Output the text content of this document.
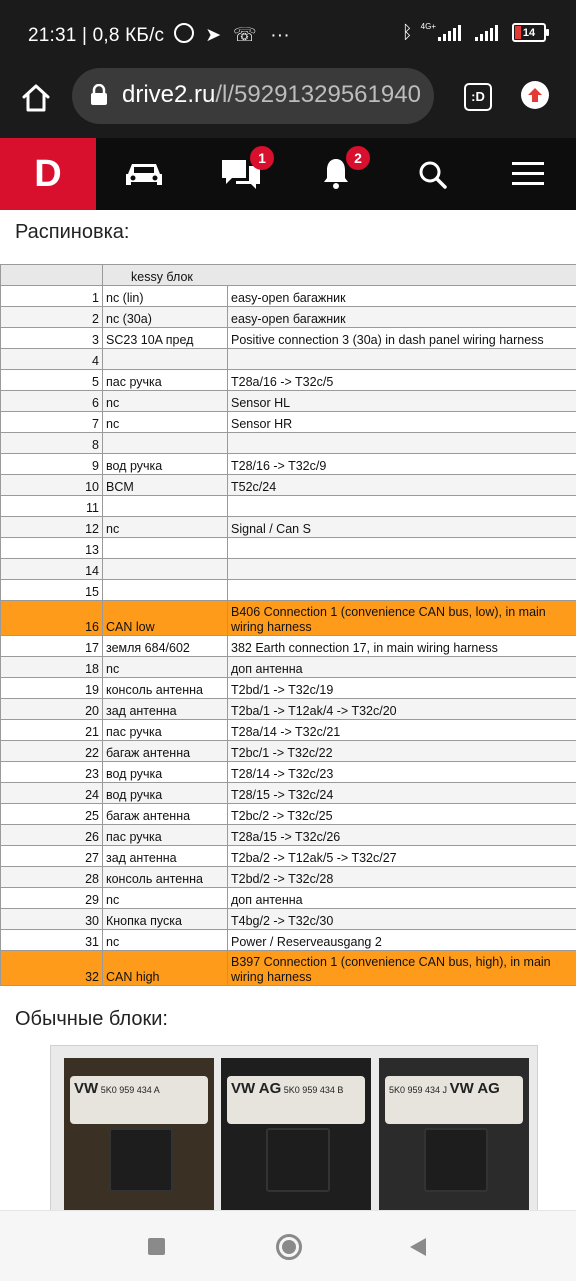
21:31 | 0,8 КБ/с ➤ ☏ ···	ᛒ 4G+	14
drive2.ru/l/59291329561940	:D
D	1	2
Распиновка:
	kessy блок	
1	nc (lin)	easy-open багажник
2	nc (30a)	easy-open багажник
3	SC23 10A пред	Positive connection 3 (30a) in dash panel wiring harness
4		
5	пас ручка	T28a/16 -> T32c/5
6	nc	Sensor HL
7	nc	Sensor HR
8		
9	вод ручка	T28/16 -> T32c/9
10	BCM	T52c/24
11		
12	nc	Signal / Can S
13		
14		
15		
16	CAN low	B406 Connection 1 (convenience CAN bus, low), in main wiring harness
17	земля 684/602	382 Earth connection 17, in main wiring harness
18	nc	доп антенна
19	консоль антенна	T2bd/1 -> T32c/19
20	зад антенна	T2ba/1 -> T12ak/4 -> T32c/20
21	пас ручка	T28a/14 -> T32c/21
22	багаж антенна	T2bc/1 -> T32c/22
23	вод ручка	T28/14 -> T32c/23
24	вод ручка	T28/15 -> T32c/24
25	багаж антенна	T2bc/2 -> T32c/25
26	пас ручка	T28a/15 -> T32c/26
27	зад антенна	T2ba/2 -> T12ak/5 -> T32c/27
28	консоль антенна	T2bd/2 -> T32c/28
29	nc	доп антенна
30	Кнопка пуска	T4bg/2 -> T32c/30
31	nc	Power / Reserveausgang 2
32	CAN high	B397 Connection 1 (convenience CAN bus, high), in main wiring harness
Обычные блоки:
VW 5K0 959 434 A	VW AG 5K0 959 434 B	5K0 959 434 J VW AG
